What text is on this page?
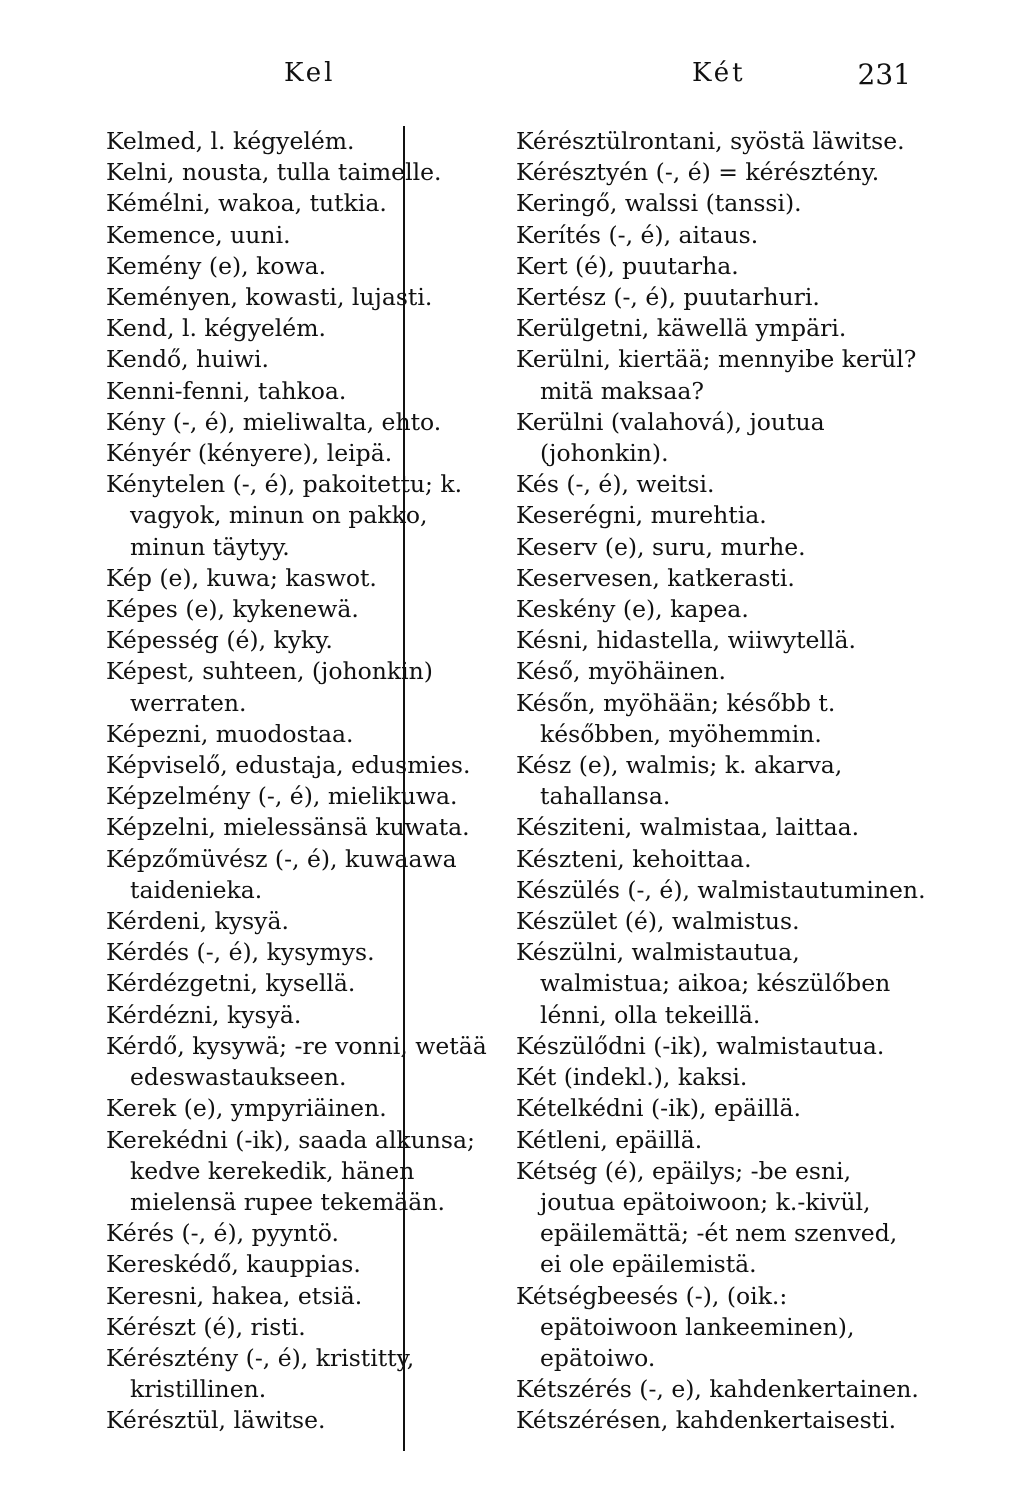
Kel	Két	231
Kelmed, l. kégyelém.
Kelni, nousta, tulla taimelle.
Kémélni, wakoa, tutkia.
Kemence, uuni.
Kemény (e), kowa.
Keményen, kowasti, lujasti.
Kend, l. kégyelém.
Kendő, huiwi.
Kenni-fenni, tahkoa.
Kény (-, é), mieliwalta, ehto.
Kényér (kényere), leipä.
Kénytelen (-, é), pakoitettu; k. vagyok, minun on pakko, minun täytyy.
Kép (e), kuwa; kaswot.
Képes (e), kykenewä.
Képesség (é), kyky.
Képest, suhteen, (johonkin) werraten.
Képezni, muodostaa.
Képviselő, edustaja, edusmies.
Képzelmény (-, é), mielikuwa.
Képzelni, mielessänsä kuwata.
Képzőmüvész (-, é), kuwaawa taidenieka.
Kérdeni, kysyä.
Kérdés (-, é), kysymys.
Kérdézgetni, kysellä.
Kérdézni, kysyä.
Kérdő, kysywä; -re vonni, wetää edeswastaukseen.
Kerek (e), ympyriäinen.
Kerekédni (-ik), saada alkunsa; kedve kerekedik, hänen mielensä rupee tekemään.
Kérés (-, é), pyyntö.
Kereskédő, kauppias.
Keresni, hakea, etsiä.
Kérészt (é), risti.
Kérésztény (-, é), kristitty, kristillinen.
Kérésztül, läwitse.
Kérésztülrontani, syöstä läwitse.
Kérésztyén (-, é) = kérésztény.
Keringő, walssi (tanssi).
Kerítés (-, é), aitaus.
Kert (é), puutarha.
Kertész (-, é), puutarhuri.
Kerülgetni, käwellä ympäri.
Kerülni, kiertää; mennyibe kerül? mitä maksaa?
Kerülni (valahová), joutua (johonkin).
Kés (-, é), weitsi.
Keserégni, murehtia.
Keserv (e), suru, murhe.
Keservesen, katkerasti.
Keskény (e), kapea.
Késni, hidastella, wiiwytellä.
Késő, myöhäinen.
Későn, myöhään; később t. későbben, myöhemmin.
Kész (e), walmis; k. akarva, tahallansa.
Késziteni, walmistaa, laittaa.
Készteni, kehoittaa.
Készülés (-, é), walmistautuminen.
Készület (é), walmistus.
Készülni, walmistautua, walmistua; aikoa; készülőben lénni, olla tekeillä.
Készülődni (-ik), walmistautua.
Két (indekl.), kaksi.
Kételkédni (-ik), epäillä.
Kétleni, epäillä.
Kétség (é), epäilys; -be esni, joutua epätoiwoon; k.-kivül, epäilemättä; -ét nem szenved, ei ole epäilemistä.
Kétségbeesés (-), (oik.: epätoiwoon lankeeminen), epätoiwo.
Kétszérés (-, e), kahdenkertainen.
Kétszérésen, kahdenkertaisesti.
